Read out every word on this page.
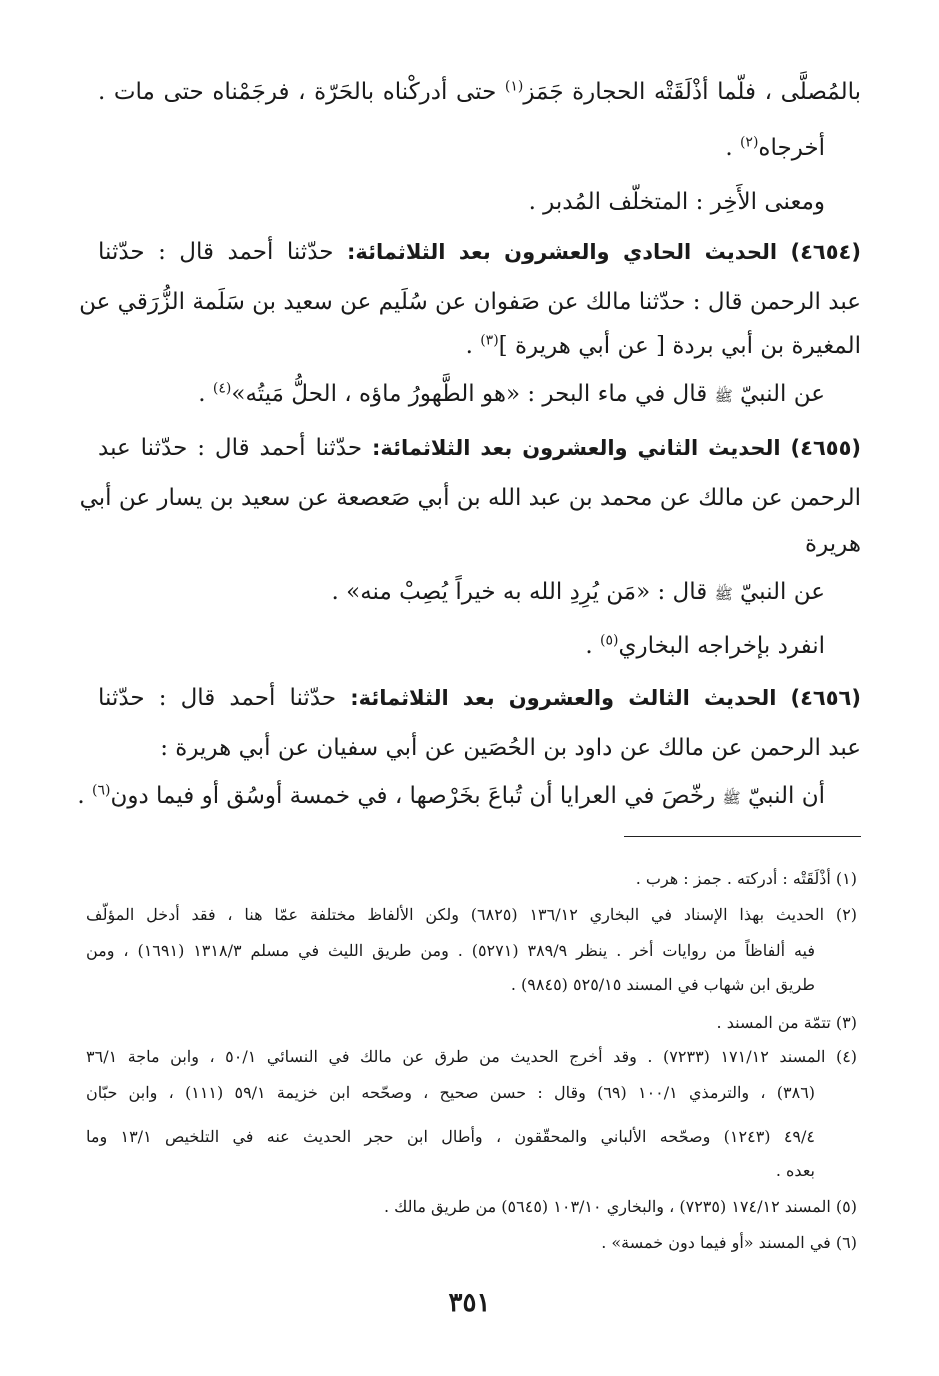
بالمُصلَّى ، فلّما أذْلَقَتْه الحجارة جَمَز$^{(١)}$ حتى أدركْناه بالحَرّة ، فرجَمْناه حتى مات .
أخرجاه$^{(٢)}$ .
ومعنى الأَخِر : المتخلّف المُدبر .
(٤٦٥٤) الحديث الحادي والعشرون بعد الثلاثمائة: حدّثنا أحمد قال : حدّثنا
عبد الرحمن قال : حدّثنا مالك عن صَفوان عن سُلَيم عن سعيد بن سَلَمة الزُّرَقي عن
المغيرة بن أبي بردة [ عن أبي هريرة ]$^{(٣)}$ .
عن النبيّ ﷺ قال في ماء البحر : «هو الطَّهورُ ماؤه ، الحلُّ مَيتُه»$^{(٤)}$ .
(٤٦٥٥) الحديث الثاني والعشرون بعد الثلاثمائة: حدّثنا أحمد قال : حدّثنا عبد
الرحمن عن مالك عن محمد بن عبد الله بن أبي صَعصعة عن سعيد بن يسار عن أبي
هريرة
عن النبيّ ﷺ قال : «مَن يُرِدِ الله به خيراً يُصِبْ منه» .
انفرد بإخراجه البخاري$^{(٥)}$ .
(٤٦٥٦) الحديث الثالث والعشرون بعد الثلاثمائة: حدّثنا أحمد قال : حدّثنا
عبد الرحمن عن مالك عن داود بن الحُصَين عن أبي سفيان عن أبي هريرة :
أن النبيّ ﷺ رخّصَ في العرايا أن تُباعَ بخَرْصها ، في خمسة أوسُق أو فيما دون$^{(٦)}$ .
(١) أذْلَقَتْه : أدركته . جمز : هرب .
(٢) الحديث بهذا الإسناد في البخاري ١٣٦/١٢ (٦٨٢٥) ولكن الألفاظ مختلفة عمّا هنا ، فقد أدخل المؤلّف
فيه ألفاظاً من روايات أخر . ينظر ٣٨٩/٩ (٥٢٧١) . ومن طريق الليث في مسلم ١٣١٨/٣ (١٦٩١) ، ومن
طريق ابن شهاب في المسند ٥٢٥/١٥ (٩٨٤٥) .
(٣) تتمّة من المسند .
(٤) المسند ١٧١/١٢ (٧٢٣٣) . وقد أخرج الحديث من طرق عن مالك في النسائي ٥٠/١ ، وابن ماجة ٣٦/١
(٣٨٦) ، والترمذي ١٠٠/١ (٦٩) وقال : حسن صحيح ، وصحّحه ابن خزيمة ٥٩/١ (١١١) ، وابن حبّان
٤٩/٤ (١٢٤٣) وصحّحه الألباني والمحقّقون ، وأطال ابن حجر الحديث عنه في التلخيص ١٣/١ وما
بعده .
(٥) المسند ١٧٤/١٢ (٧٢٣٥) ، والبخاري ١٠٣/١٠ (٥٦٤٥) من طريق مالك .
(٦) في المسند «أو فيما دون خمسة» .
٣٥١
